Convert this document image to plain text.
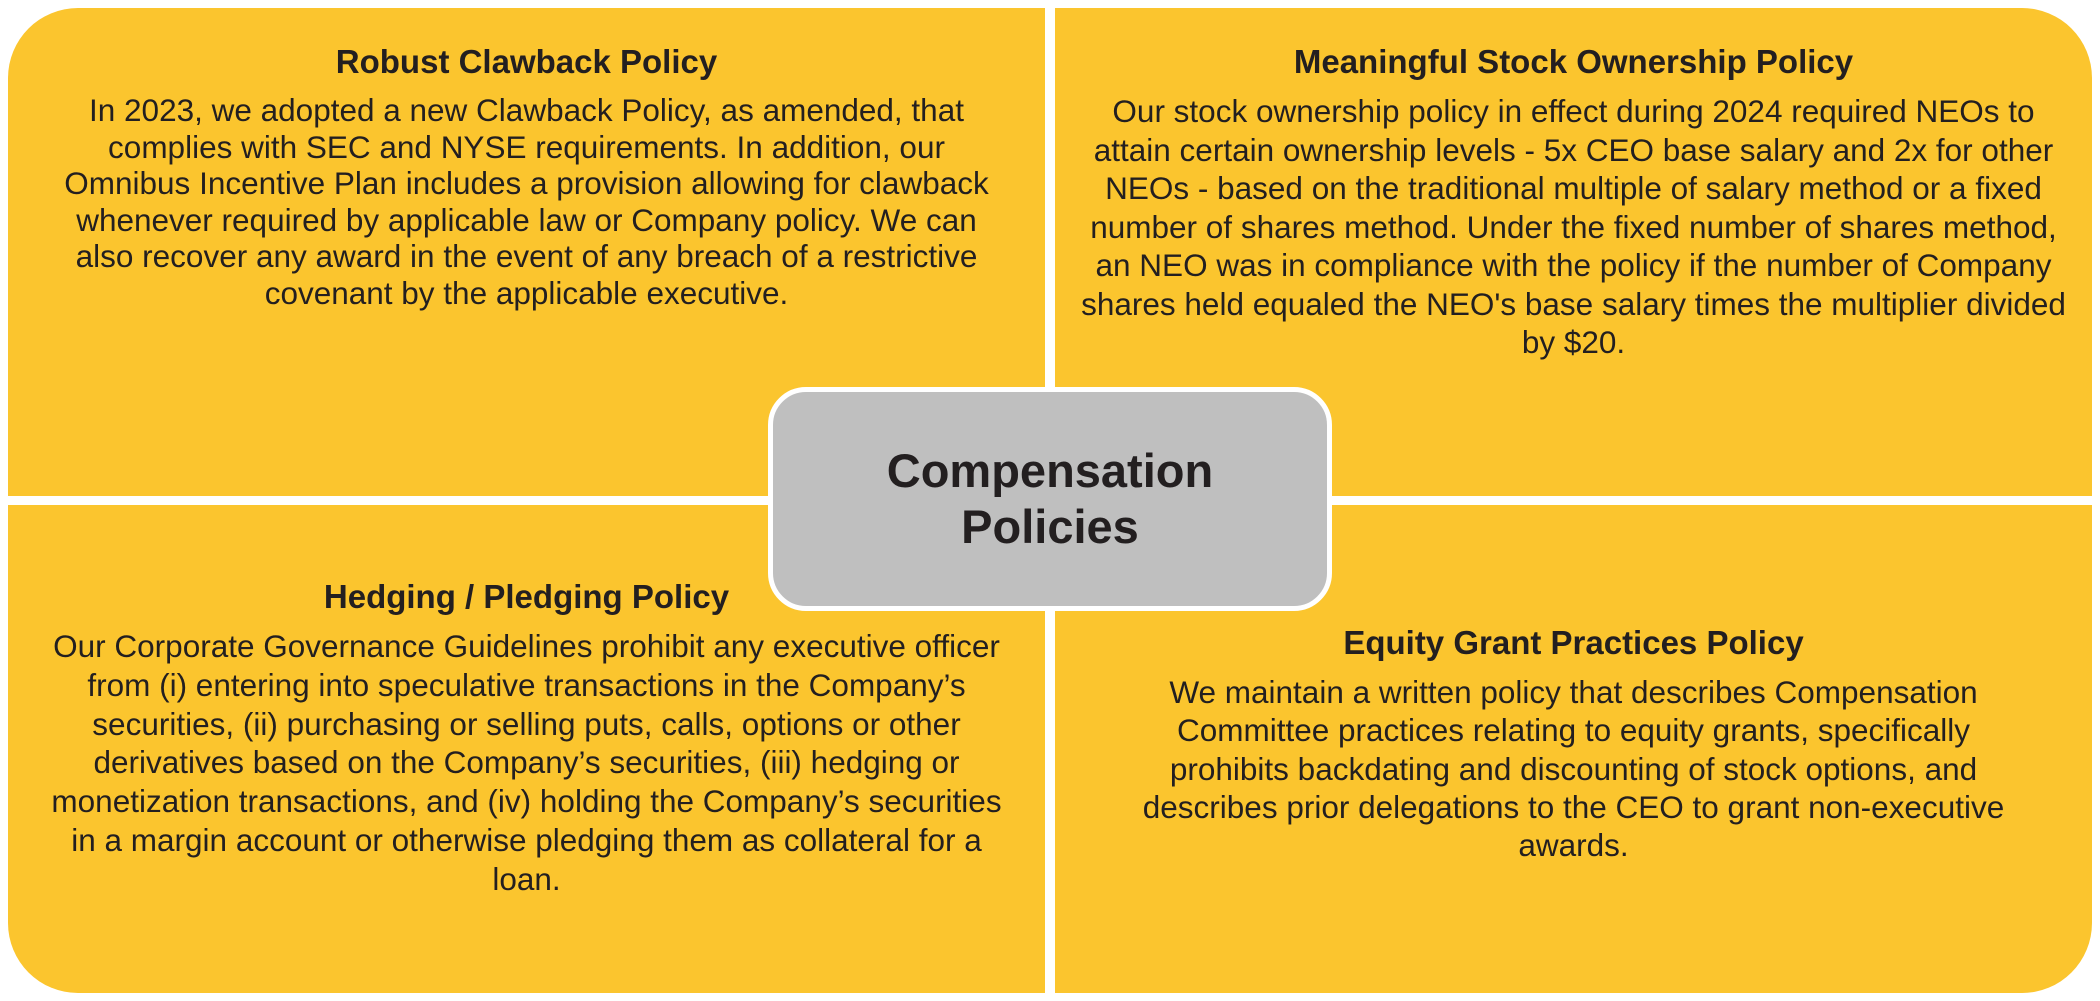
Robust Clawback Policy

In 2023, we adopted a new Clawback Policy, as amended, that complies with SEC and NYSE requirements. In addition, our Omnibus Incentive Plan includes a provision allowing for clawback whenever required by applicable law or Company policy. We can also recover any award in the event of any breach of a restrictive covenant by the applicable executive.

Meaningful Stock Ownership Policy

Our stock ownership policy in effect during 2024 required NEOs to attain certain ownership levels - 5x CEO base salary and 2x for other NEOs - based on the traditional multiple of salary method or a fixed number of shares method. Under the fixed number of shares method, an NEO was in compliance with the policy if the number of Company shares held equaled the NEO's base salary times the multiplier divided by $20.

Hedging / Pledging Policy

Our Corporate Governance Guidelines prohibit any executive officer from (i) entering into speculative transactions in the Company’s securities, (ii) purchasing or selling puts, calls, options or other derivatives based on the Company’s securities, (iii) hedging or monetization transactions, and (iv) holding the Company’s securities in a margin account or otherwise pledging them as collateral for a loan.

Equity Grant Practices Policy

We maintain a written policy that describes Compensation Committee practices relating to equity grants, specifically prohibits backdating and discounting of stock options, and describes prior delegations to the CEO to grant non-executive awards.

Compensation Policies
